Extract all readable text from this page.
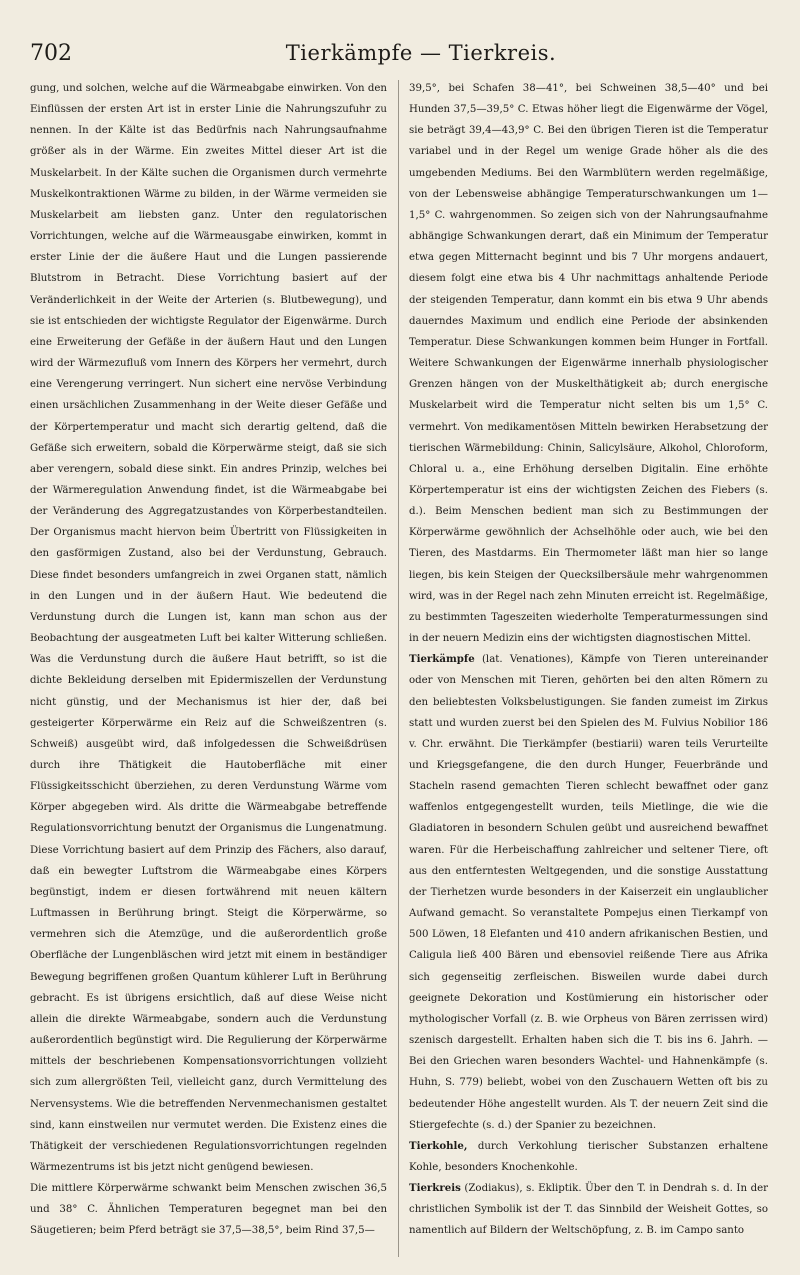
702	Tierkämpfe — Tierkreis.

gung, und solchen, welche auf die Wärmeabgabe einwirken. Von den Einflüssen der ersten Art ist in erster Linie die Nahrungszufuhr zu nennen. In der Kälte ist das Bedürfnis nach Nahrungsaufnahme größer als in der Wärme. Ein zweites Mittel dieser Art ist die Muskelarbeit. In der Kälte suchen die Organismen durch vermehrte Muskelkontraktionen Wärme zu bilden, in der Wärme vermeiden sie Muskelarbeit am liebsten ganz. Unter den regulatorischen Vorrichtungen, welche auf die Wärmeausgabe einwirken, kommt in erster Linie der die äußere Haut und die Lungen passierende Blutstrom in Betracht. Diese Vorrichtung basiert auf der Veränderlichkeit in der Weite der Arterien (s. Blutbewegung), und sie ist entschieden der wichtigste Regulator der Eigenwärme. Durch eine Erweiterung der Gefäße in der äußern Haut und den Lungen wird der Wärmezufluß vom Innern des Körpers her vermehrt, durch eine Verengerung verringert. Nun sichert eine nervöse Verbindung einen ursächlichen Zusammenhang in der Weite dieser Gefäße und der Körpertemperatur und macht sich derartig geltend, daß die Gefäße sich erweitern, sobald die Körperwärme steigt, daß sie sich aber verengern, sobald diese sinkt. Ein andres Prinzip, welches bei der Wärmeregulation Anwendung findet, ist die Wärmeabgabe bei der Veränderung des Aggregatzustandes von Körperbestandteilen. Der Organismus macht hiervon beim Übertritt von Flüssigkeiten in den gasförmigen Zustand, also bei der Verdunstung, Gebrauch. Diese findet besonders umfangreich in zwei Organen statt, nämlich in den Lungen und in der äußern Haut. Wie bedeutend die Verdunstung durch die Lungen ist, kann man schon aus der Beobachtung der ausgeatmeten Luft bei kalter Witterung schließen. Was die Verdunstung durch die äußere Haut betrifft, so ist die dichte Bekleidung derselben mit Epidermiszellen der Verdunstung nicht günstig, und der Mechanismus ist hier der, daß bei gesteigerter Körperwärme ein Reiz auf die Schweißzentren (s. Schweiß) ausgeübt wird, daß infolgedessen die Schweißdrüsen durch ihre Thätigkeit die Hautoberfläche mit einer Flüssigkeitsschicht überziehen, zu deren Verdunstung Wärme vom Körper abgegeben wird. Als dritte die Wärmeabgabe betreffende Regulationsvorrichtung benutzt der Organismus die Lungenatmung. Diese Vorrichtung basiert auf dem Prinzip des Fächers, also darauf, daß ein bewegter Luftstrom die Wärmeabgabe eines Körpers begünstigt, indem er diesen fortwährend mit neuen kältern Luftmassen in Berührung bringt. Steigt die Körperwärme, so vermehren sich die Atemzüge, und die außerordentlich große Oberfläche der Lungenbläschen wird jetzt mit einem in beständiger Bewegung begriffenen großen Quantum kühlerer Luft in Berührung gebracht. Es ist übrigens ersichtlich, daß auf diese Weise nicht allein die direkte Wärmeabgabe, sondern auch die Verdunstung außerordentlich begünstigt wird. Die Regulierung der Körperwärme mittels der beschriebenen Kompensationsvorrichtungen vollzieht sich zum allergrößten Teil, vielleicht ganz, durch Vermittelung des Nervensystems. Wie die betreffenden Nervenmechanismen gestaltet sind, kann einstweilen nur vermutet werden. Die Existenz eines die Thätigkeit der verschiedenen Regulationsvorrichtungen regelnden Wärmezentrums ist bis jetzt nicht genügend bewiesen.

Die mittlere Körperwärme schwankt beim Menschen zwischen 36,5 und 38° C. Ähnlichen Temperaturen begegnet man bei den Säugetieren; beim Pferd beträgt sie 37,5—38,5°, beim Rind 37,5—

39,5°, bei Schafen 38—41°, bei Schweinen 38,5—40° und bei Hunden 37,5—39,5° C. Etwas höher liegt die Eigenwärme der Vögel, sie beträgt 39,4—43,9° C. Bei den übrigen Tieren ist die Temperatur variabel und in der Regel um wenige Grade höher als die des umgebenden Mediums. Bei den Warmblütern werden regelmäßige, von der Lebensweise abhängige Temperaturschwankungen um 1—1,5° C. wahrgenommen. So zeigen sich von der Nahrungsaufnahme abhängige Schwankungen derart, daß ein Minimum der Temperatur etwa gegen Mitternacht beginnt und bis 7 Uhr morgens andauert, diesem folgt eine etwa bis 4 Uhr nachmittags anhaltende Periode der steigenden Temperatur, dann kommt ein bis etwa 9 Uhr abends dauerndes Maximum und endlich eine Periode der absinkenden Temperatur. Diese Schwankungen kommen beim Hunger in Fortfall. Weitere Schwankungen der Eigenwärme innerhalb physiologischer Grenzen hängen von der Muskelthätigkeit ab; durch energische Muskelarbeit wird die Temperatur nicht selten bis um 1,5° C. vermehrt. Von medikamentösen Mitteln bewirken Herabsetzung der tierischen Wärmebildung: Chinin, Salicylsäure, Alkohol, Chloroform, Chloral u. a., eine Erhöhung derselben Digitalin. Eine erhöhte Körpertemperatur ist eins der wichtigsten Zeichen des Fiebers (s. d.). Beim Menschen bedient man sich zu Bestimmungen der Körperwärme gewöhnlich der Achselhöhle oder auch, wie bei den Tieren, des Mastdarms. Ein Thermometer läßt man hier so lange liegen, bis kein Steigen der Quecksilbersäule mehr wahrgenommen wird, was in der Regel nach zehn Minuten erreicht ist. Regelmäßige, zu bestimmten Tageszeiten wiederholte Temperaturmessungen sind in der neuern Medizin eins der wichtigsten diagnostischen Mittel.

Tierkämpfe (lat. Venationes), Kämpfe von Tieren untereinander oder von Menschen mit Tieren, gehörten bei den alten Römern zu den beliebtesten Volksbelustigungen. Sie fanden zumeist im Zirkus statt und wurden zuerst bei den Spielen des M. Fulvius Nobilior 186 v. Chr. erwähnt. Die Tierkämpfer (bestiarii) waren teils Verurteilte und Kriegsgefangene, die den durch Hunger, Feuerbrände und Stacheln rasend gemachten Tieren schlecht bewaffnet oder ganz waffenlos entgegengestellt wurden, teils Mietlinge, die wie die Gladiatoren in besondern Schulen geübt und ausreichend bewaffnet waren. Für die Herbeischaffung zahlreicher und seltener Tiere, oft aus den entferntesten Weltgegenden, und die sonstige Ausstattung der Tierhetzen wurde besonders in der Kaiserzeit ein unglaublicher Aufwand gemacht. So veranstaltete Pompejus einen Tierkampf von 500 Löwen, 18 Elefanten und 410 andern afrikanischen Bestien, und Caligula ließ 400 Bären und ebensoviel reißende Tiere aus Afrika sich gegenseitig zerfleischen. Bisweilen wurde dabei durch geeignete Dekoration und Kostümierung ein historischer oder mythologischer Vorfall (z. B. wie Orpheus von Bären zerrissen wird) szenisch dargestellt. Erhalten haben sich die T. bis ins 6. Jahrh. — Bei den Griechen waren besonders Wachtel- und Hahnenkämpfe (s. Huhn, S. 779) beliebt, wobei von den Zuschauern Wetten oft bis zu bedeutender Höhe angestellt wurden. Als T. der neuern Zeit sind die Stiergefechte (s. d.) der Spanier zu bezeichnen.

Tierkohle, durch Verkohlung tierischer Substanzen erhaltene Kohle, besonders Knochenkohle.

Tierkreis (Zodiakus), s. Ekliptik. Über den T. in Dendrah s. d. In der christlichen Symbolik ist der T. das Sinnbild der Weisheit Gottes, so namentlich auf Bildern der Weltschöpfung, z. B. im Campo santo
